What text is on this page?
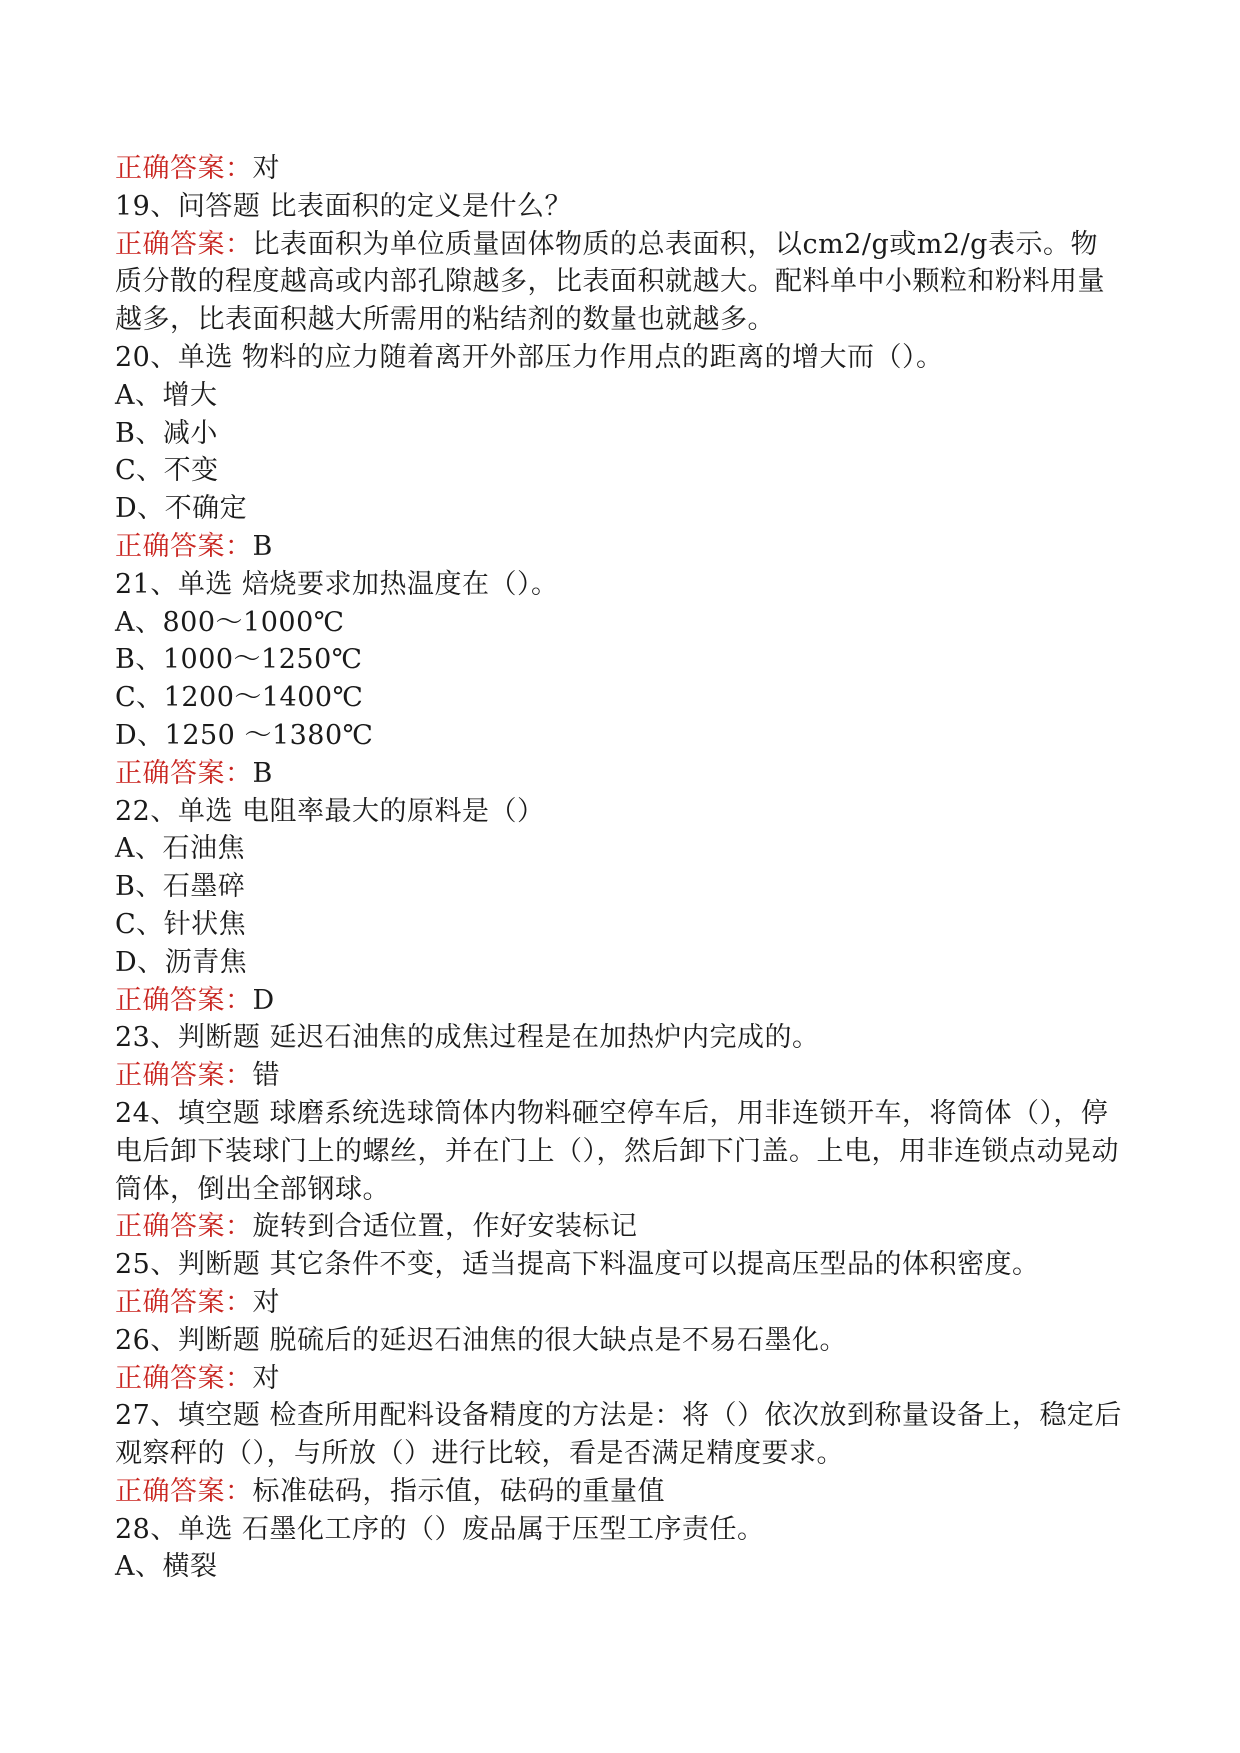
正确答案：对

19、问答题 比表面积的定义是什么？

正确答案：比表面积为单位质量固体物质的总表面积，以cm2/g或m2/g表示。物质分散的程度越高或内部孔隙越多，比表面积就越大。配料单中小颗粒和粉料用量越多，比表面积越大所需用的粘结剂的数量也就越多。

20、单选 物料的应力随着离开外部压力作用点的距离的增大而（）。

A、增大

B、减小

C、不变

D、不确定

正确答案：B

21、单选 焙烧要求加热温度在（）。

A、800～1000℃

B、1000～1250℃

C、1200～1400℃

D、1250 ～1380℃

正确答案：B

22、单选 电阻率最大的原料是（）

A、石油焦

B、石墨碎

C、针状焦

D、沥青焦

正确答案：D

23、判断题 延迟石油焦的成焦过程是在加热炉内完成的。

正确答案：错

24、填空题 球磨系统选球筒体内物料砸空停车后，用非连锁开车，将筒体（），停电后卸下装球门上的螺丝，并在门上（），然后卸下门盖。上电，用非连锁点动晃动筒体，倒出全部钢球。

正确答案：旋转到合适位置，作好安装标记

25、判断题 其它条件不变，适当提高下料温度可以提高压型品的体积密度。

正确答案：对

26、判断题 脱硫后的延迟石油焦的很大缺点是不易石墨化。

正确答案：对

27、填空题 检查所用配料设备精度的方法是：将（）依次放到称量设备上，稳定后观察秤的（），与所放（）进行比较，看是否满足精度要求。

正确答案：标准砝码，指示值，砝码的重量值

28、单选 石墨化工序的（）废品属于压型工序责任。

A、横裂
